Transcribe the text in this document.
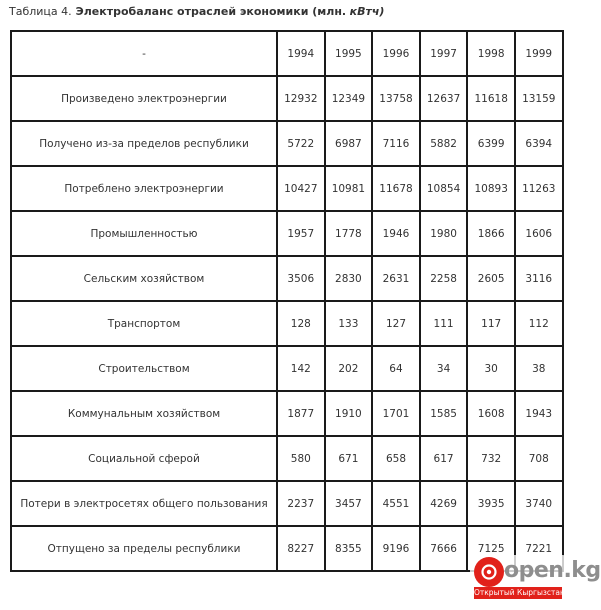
Таблица 4. Электробаланс отраслей экономики (млн. кВтч)
-	1994	1995	1996	1997	1998	1999
Произведено электроэнергии	12932	12349	13758	12637	11618	13159
Получено из-за пределов республики	5722	6987	7116	5882	6399	6394
Потреблено электроэнергии	10427	10981	11678	10854	10893	11263
Промышленностью	1957	1778	1946	1980	1866	1606
Сельским хозяйством	3506	2830	2631	2258	2605	3116
Транспортом	128	133	127	111	117	112
Строительством	142	202	64	34	30	38
Коммунальным хозяйством	1877	1910	1701	1585	1608	1943
Социальной сферой	580	671	658	617	732	708
Потери в электросетях общего пользования	2237	3457	4551	4269	3935	3740
Отпущено за пределы республики	8227	8355	9196	7666	7125	7221
open.kg
Открытый Кыргызстан
